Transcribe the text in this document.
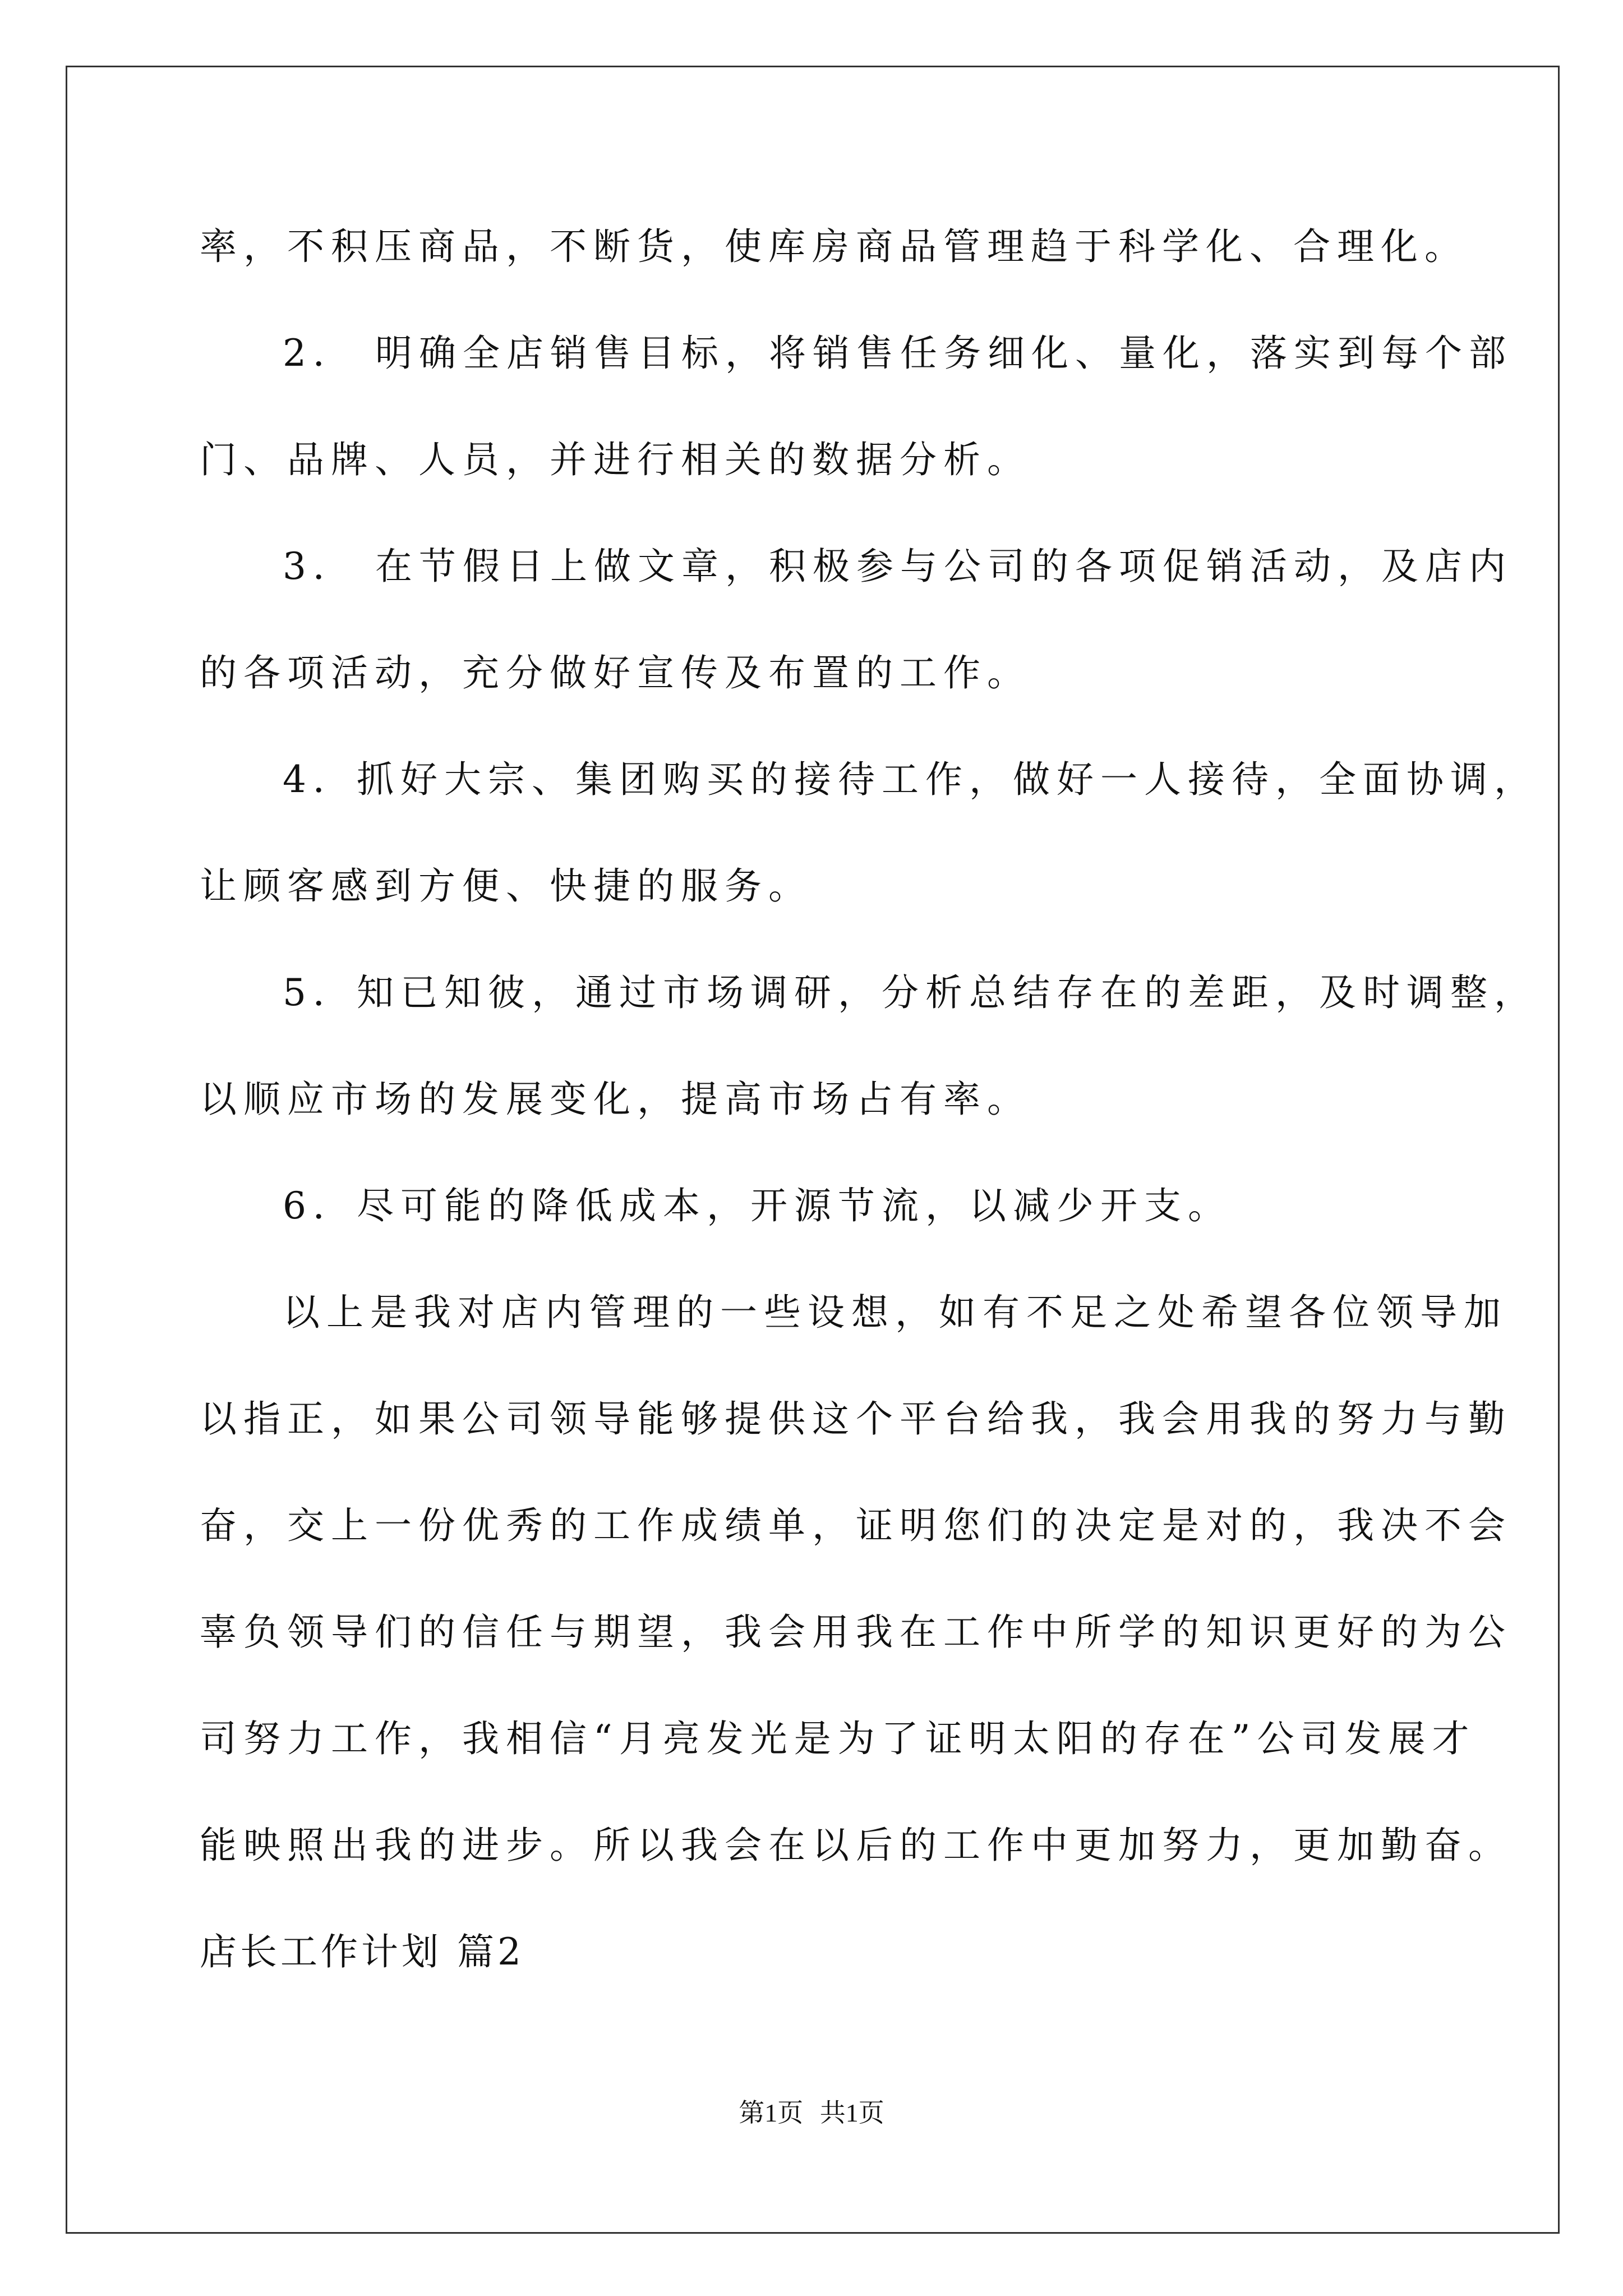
率，不积压商品，不断货，使库房商品管理趋于科学化、合理化。
2． 明确全店销售目标，将销售任务细化、量化，落实到每个部
门、品牌、人员，并进行相关的数据分析。
3． 在节假日上做文章，积极参与公司的各项促销活动，及店内
的各项活动，充分做好宣传及布置的工作。
4．抓好大宗、集团购买的接待工作，做好一人接待，全面协调，
让顾客感到方便、快捷的服务。
5．知已知彼，通过市场调研，分析总结存在的差距，及时调整，
以顺应市场的发展变化，提高市场占有率。
6．尽可能的降低成本，开源节流，以减少开支。
以上是我对店内管理的一些设想，如有不足之处希望各位领导加
以指正，如果公司领导能够提供这个平台给我，我会用我的努力与勤
奋，交上一份优秀的工作成绩单，证明您们的决定是对的，我决不会
辜负领导们的信任与期望，我会用我在工作中所学的知识更好的为公
司努力工作，我相信“月亮发光是为了证明太阳的存在”公司发展才
能映照出我的进步。所以我会在以后的工作中更加努力，更加勤奋。
店长工作计划 篇2
第1页 共1页
